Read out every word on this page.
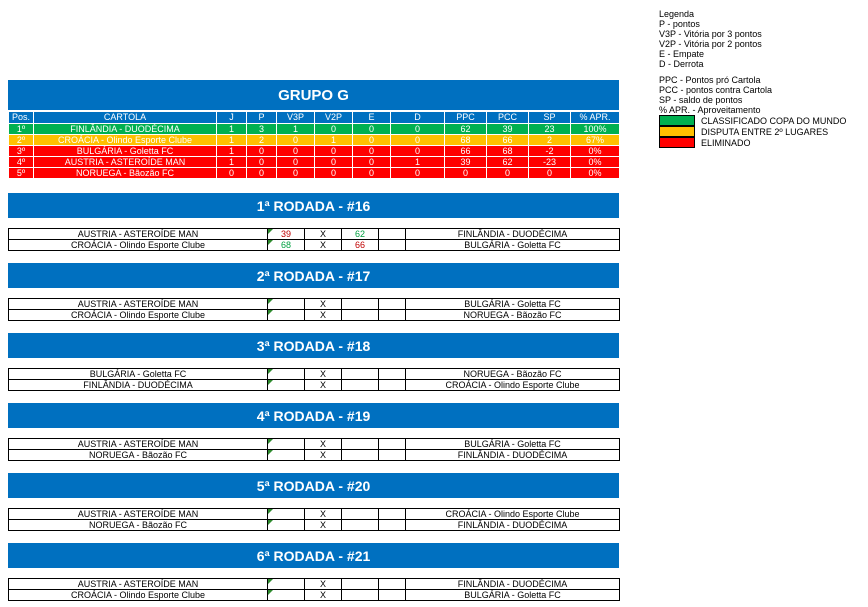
GRUPO G
Pos.	CARTOLA	J	P	V3P	V2P	E	D	PPC	PCC	SP	% APR.
1º	FINLÂNDIA - DUODÉCIMA	1	3	1	0	0	0	62	39	23	100%
2º	CROÁCIA - Olindo Esporte Clube	1	2	0	1	0	0	68	66	2	67%
3º	BULGÁRIA - Goletta FC	1	0	0	0	0	0	66	68	-2	0%
4º	AUSTRIA - ASTEROÍDE MAN	1	0	0	0	0	1	39	62	-23	0%
5º	NORUEGA - Bãozão FC	0	0	0	0	0	0	0	0	0	0%
1ª RODADA - #16
AUSTRIA - ASTEROÍDE MAN	39	X	62		FINLÂNDIA - DUODÉCIMA
CROÁCIA - Olindo Esporte Clube	68	X	66		BULGÁRIA - Goletta FC
2ª RODADA - #17
AUSTRIA - ASTEROÍDE MAN		X			BULGÁRIA - Goletta FC
CROÁCIA - Olindo Esporte Clube		X			NORUEGA - Bãozão FC
3ª RODADA - #18
BULGÁRIA - Goletta FC		X			NORUEGA - Bãozão FC
FINLÂNDIA - DUODÉCIMA		X			CROÁCIA - Olindo Esporte Clube
4ª RODADA - #19
AUSTRIA - ASTEROÍDE MAN		X			BULGÁRIA - Goletta FC
NORUEGA - Bãozão FC		X			FINLÂNDIA - DUODÉCIMA
5ª RODADA - #20
AUSTRIA - ASTEROÍDE MAN		X			CROÁCIA - Olindo Esporte Clube
NORUEGA - Bãozão FC		X			FINLÂNDIA - DUODÉCIMA
6ª RODADA - #21
AUSTRIA - ASTEROÍDE MAN		X			FINLÂNDIA - DUODÉCIMA
CROÁCIA - Olindo Esporte Clube		X			BULGÁRIA - Goletta FC
Legenda
P - pontos
V3P - Vitória por 3 pontos
V2P - Vitória por 2 pontos
E - Empate
D - Derrota
PPC - Pontos pró Cartola
PCC - pontos contra Cartola
SP - saldo de pontos
% APR. - Aproveitamento
CLASSIFICADO COPA DO MUNDO
DISPUTA ENTRE 2º LUGARES
ELIMINADO
